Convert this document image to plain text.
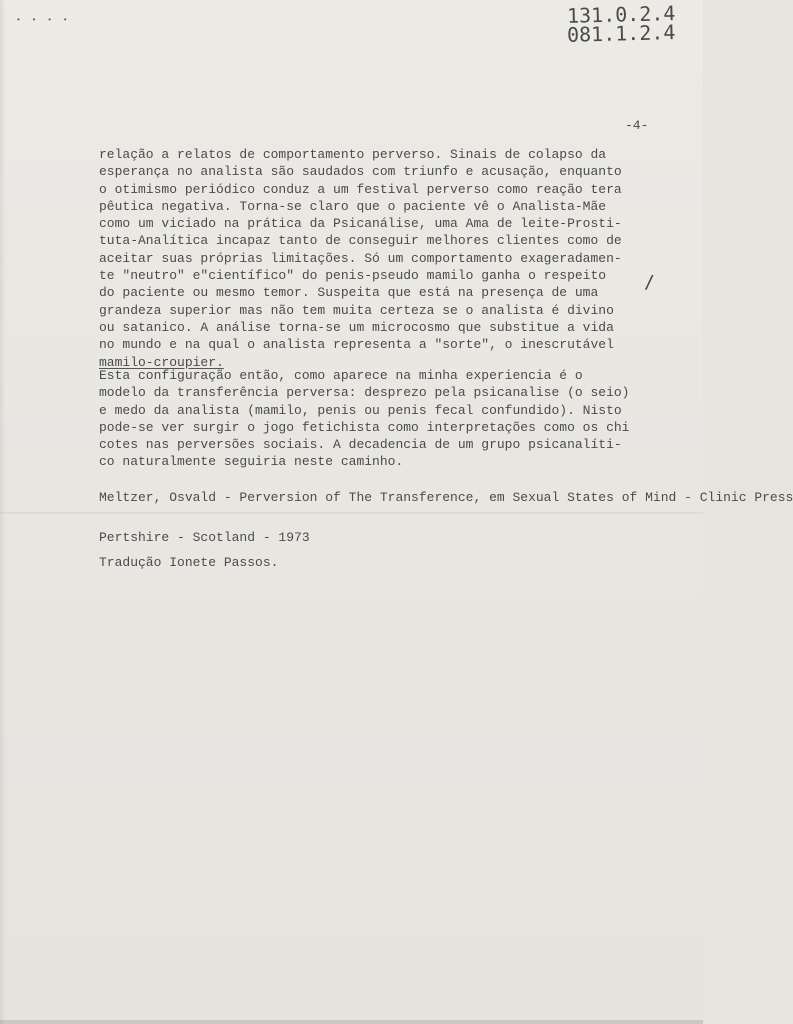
• • • •	131.0.2.4
081.1.2.4
-4-
relação a relatos de comportamento perverso. Sinais de colapso da
esperança no analista são saudados com triunfo e acusação, enquanto
o otimismo periódico conduz a um festival perverso como reação tera
pêutica negativa. Torna-se claro que o paciente vê o Analista-Mãe
como um viciado na prática da Psicanálise, uma Ama de leite-Prosti-
tuta-Analítica incapaz tanto de conseguir melhores clientes como de
aceitar suas próprias limitações. Só um comportamento exageradamen-
te "neutro" e"científico" do penis-pseudo mamilo ganha o respeito
do paciente ou mesmo temor. Suspeita que está na presença de uma
grandeza superior mas não tem muita certeza se o analista é divino
ou satanico. A análise torna-se um microcosmo que substitue a vida
no mundo e na qual o analista representa a "sorte", o inescrutável
mamilo-croupier.
/
Esta configuração então, como aparece na minha experiencia é o
modelo da transferência perversa: desprezo pela psicanalise (o seio)
e medo da analista (mamilo, penis ou penis fecal confundido). Nisto
pode-se ver surgir o jogo fetichista como interpretações como os chi
cotes nas perversões sociais. A decadencia de um grupo psicanalíti-
co naturalmente seguiria neste caminho.
Meltzer, Osvald - Perversion of The Transference, em Sexual States of Mind - Clinic Press
Pertshire - Scotland - 1973
Tradução Ionete Passos.
